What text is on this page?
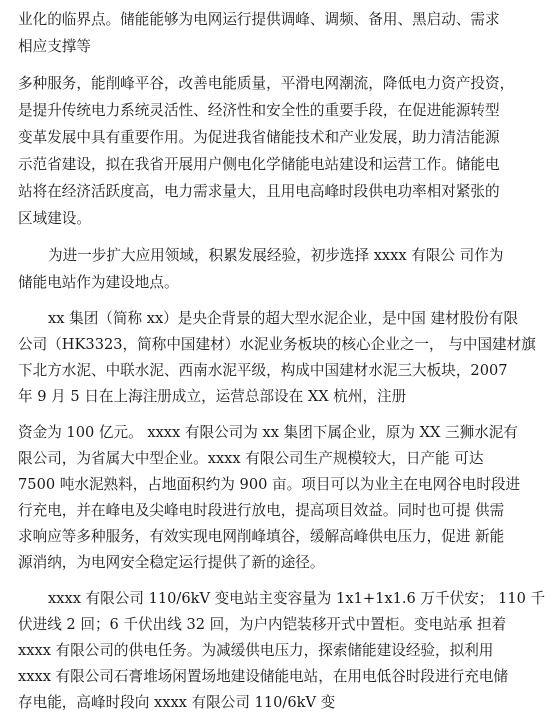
业化的临界点。储能能够为电网运行提供调峰、调频、备用、黑启动、需求
相应支撑等
多种服务，能削峰平谷，改善电能质量，平滑电网潮流，降低电力资产投资，
是提升传统电力系统灵活性、经济性和安全性的重要手段，在促进能源转型
变革发展中具有重要作用。为促进我省储能技术和产业发展，助力清洁能源
示范省建设，拟在我省开展用户侧电化学储能电站建设和运营工作。储能电
站将在经济活跃度高，电力需求量大，且用电高峰时段供电功率相对紧张的
区域建设。
为进一步扩大应用领域，积累发展经验，初步选择 xxxx 有限公 司作为
储能电站作为建设地点。
xx 集团（简称 xx）是央企背景的超大型水泥企业，是中国 建材股份有限
公司（HK3323，简称中国建材）水泥业务板块的核心企业之一， 与中国建材旗
下北方水泥、中联水泥、西南水泥平级，构成中国建材水泥三大板块，2007
年 9 月 5 日在上海注册成立，运营总部设在 XX 杭州，注册
资金为 100 亿元。 xxxx 有限公司为 xx 集团下属企业，原为 XX 三狮水泥有
限公司，为省属大中型企业。xxxx 有限公司生产规模较大，日产能 可达
7500 吨水泥熟料，占地面积约为 900 亩。项目可以为业主在电网谷电时段进
行充电，并在峰电及尖峰电时段进行放电，提高项目效益。同时也可提 供需
求响应等多种服务，有效实现电网削峰填谷，缓解高峰供电压力，促进 新能
源消纳，为电网安全稳定运行提供了新的途径。
xxxx 有限公司 110/6kV 变电站主变容量为 1x1+1x1.6 万千伏安； 110 千
伏进线 2 回；6 千伏出线 32 回，为户内铠装移开式中置柜。变电站承 担着
xxxx 有限公司的供电任务。为减缓供电压力，探索储能建设经验，拟利用
xxxx 有限公司石膏堆场闲置场地建设储能电站，在用电低谷时段进行充电储
存电能，高峰时段向 xxxx 有限公司 110/6kV 变
